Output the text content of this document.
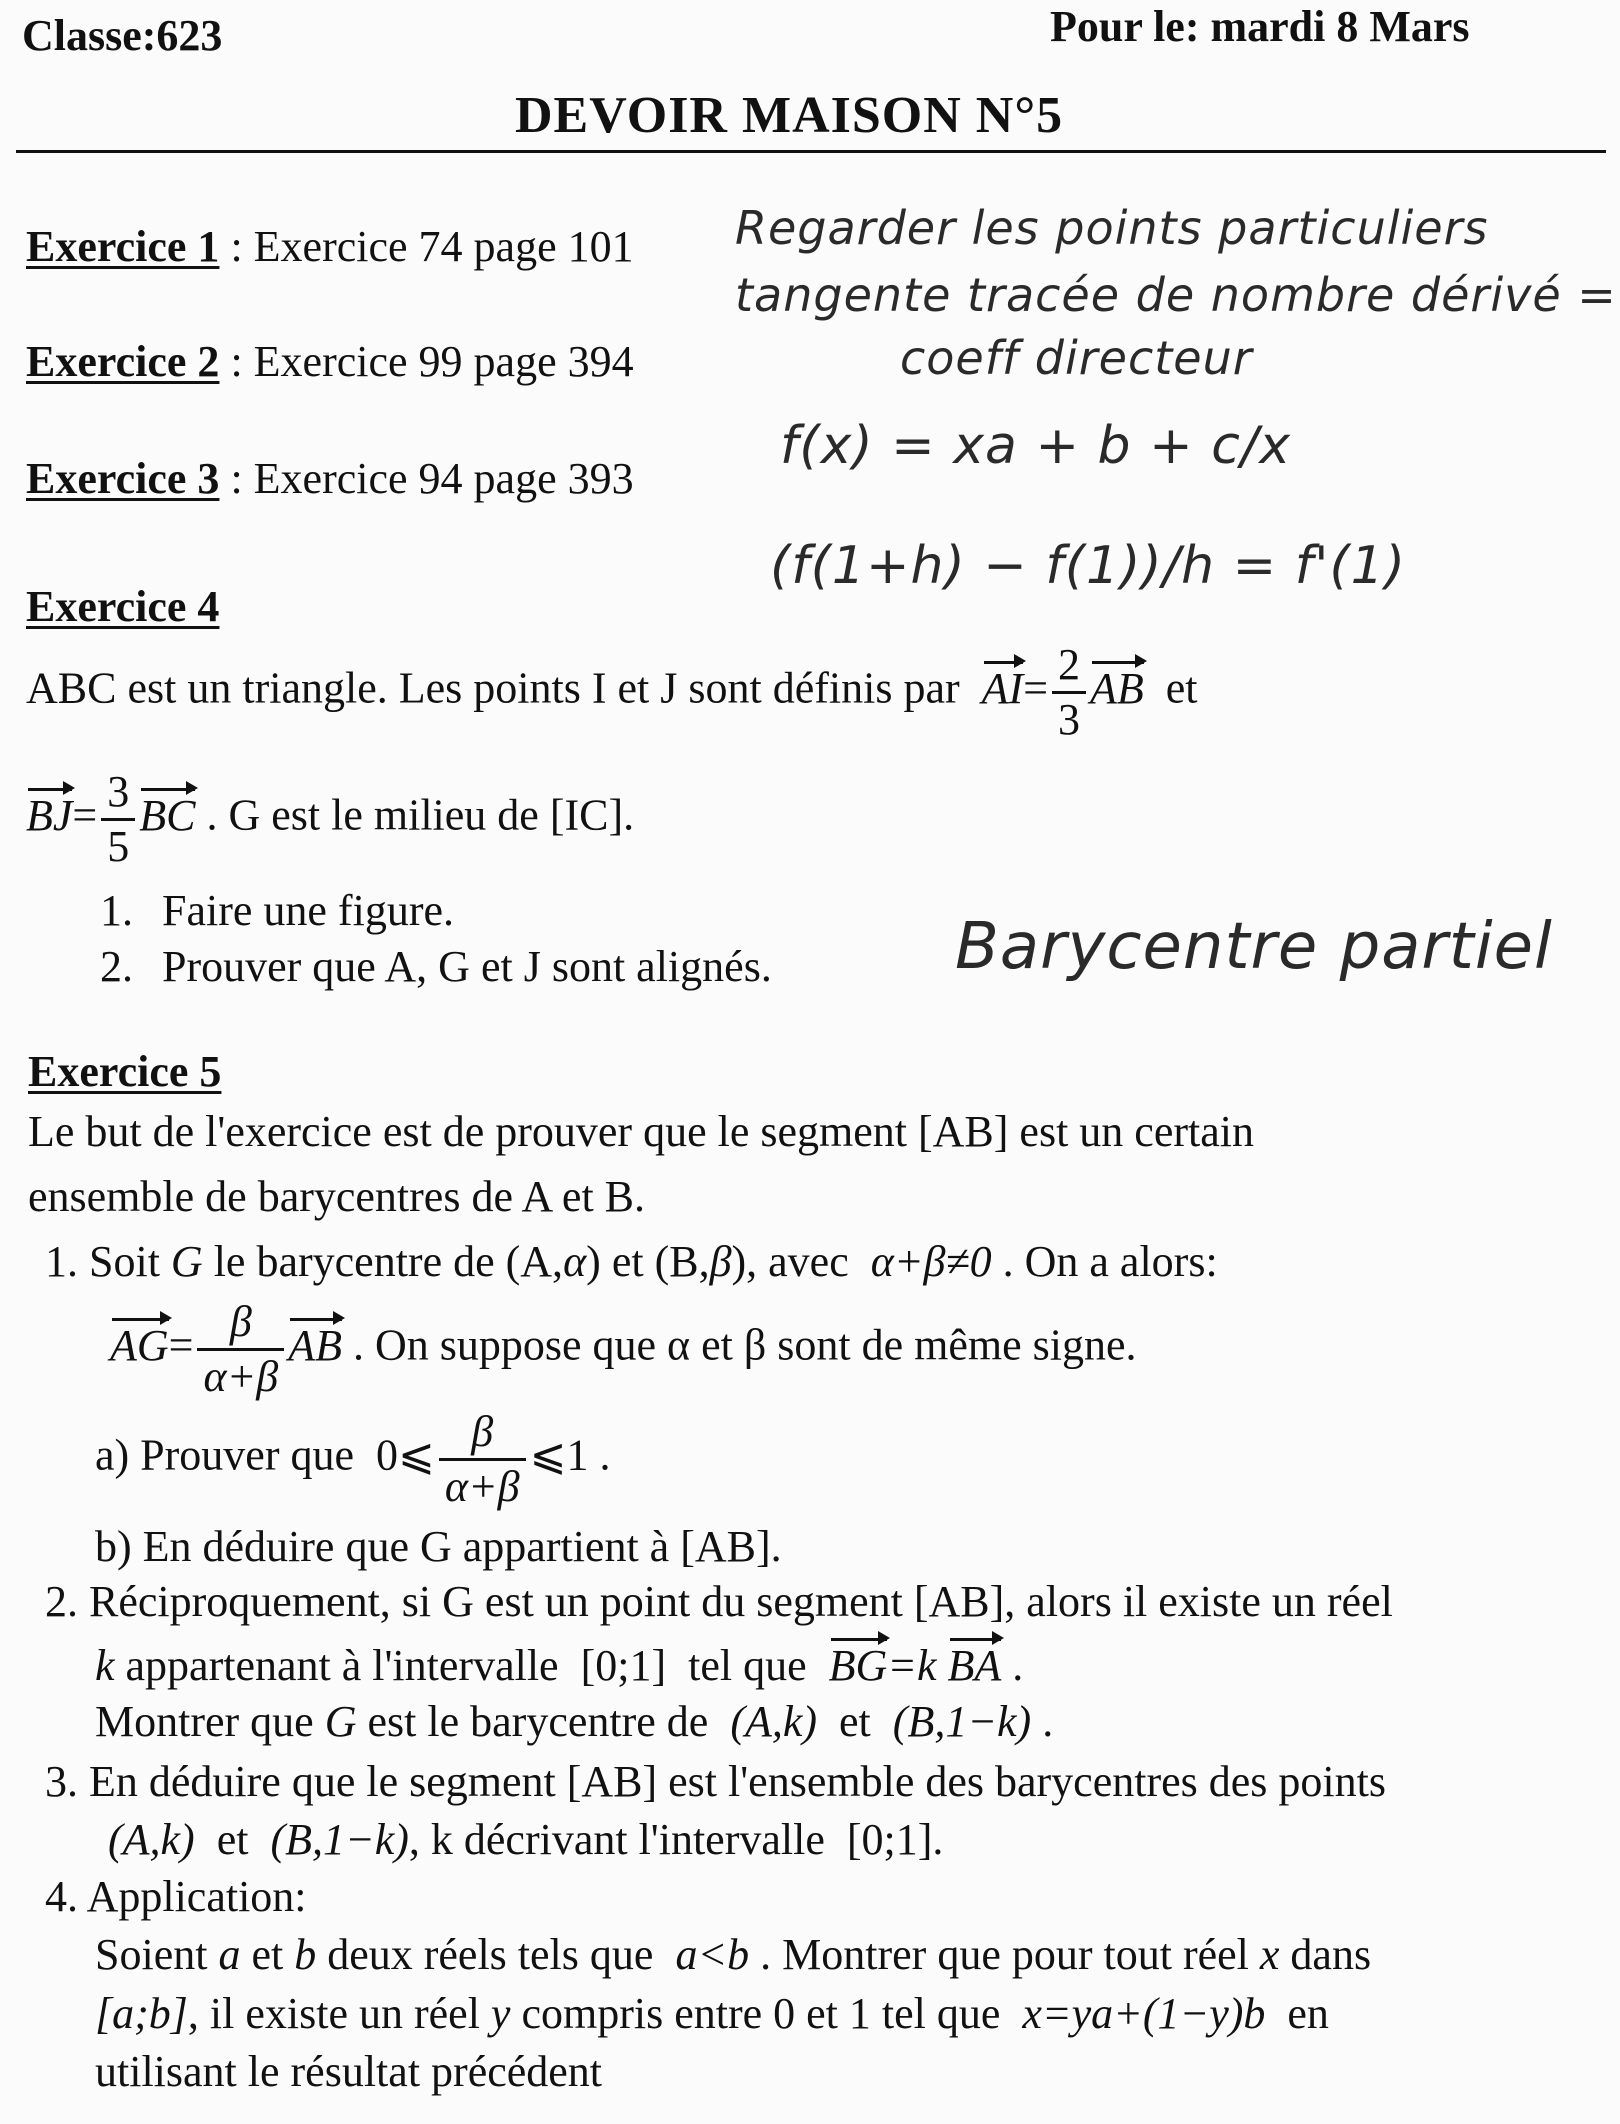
Classe:623	Pour le: mardi 8 Mars
DEVOIR MAISON N°5
Exercice 1 : Exercice 74 page 101
Exercice 2 : Exercice 99 page 394
Exercice 3 : Exercice 94 page 393
Regarder les points particuliers
tangente tracée de nombre dérivé =
coeff directeur
f(x) = xa + b + c/x
(f(1+h) − f(1))/h = f'(1)
Barycentre partiel
Exercice 4
ABC est un triangle. Les points I et J sont définis par $AI= \frac{2}{3}$ AB et
$BJ= \frac{3}{5}$ BC . G est le milieu de [IC].
1. Faire une figure.
2. Prouver que A, G et J sont alignés.
Exercice 5
Le but de l'exercice est de prouver que le segment [AB] est un certain
ensemble de barycentres de A et B.
1. Soit G le barycentre de (A,α) et (B,β), avec α+β≠0 . On a alors:
$AG= \frac{\beta}{\alpha+\beta}$ AB . On suppose que α et β sont de même signe.
a) Prouver que 0⩽ $\frac{\beta}{\alpha+\beta}$ ⩽1 .
b) En déduire que G appartient à [AB].
2. Réciproquement, si G est un point du segment [AB], alors il existe un réel
k appartenant à l'intervalle [0;1] tel que BG=k BA .
Montrer que G est le barycentre de (A,k) et (B,1−k) .
3. En déduire que le segment [AB] est l'ensemble des barycentres des points
(A,k) et (B,1−k), k décrivant l'intervalle [0;1].
4. Application:
Soient a et b deux réels tels que a<b . Montrer que pour tout réel x dans
[a;b], il existe un réel y compris entre 0 et 1 tel que x=ya+(1−y)b en
utilisant le résultat précédent
